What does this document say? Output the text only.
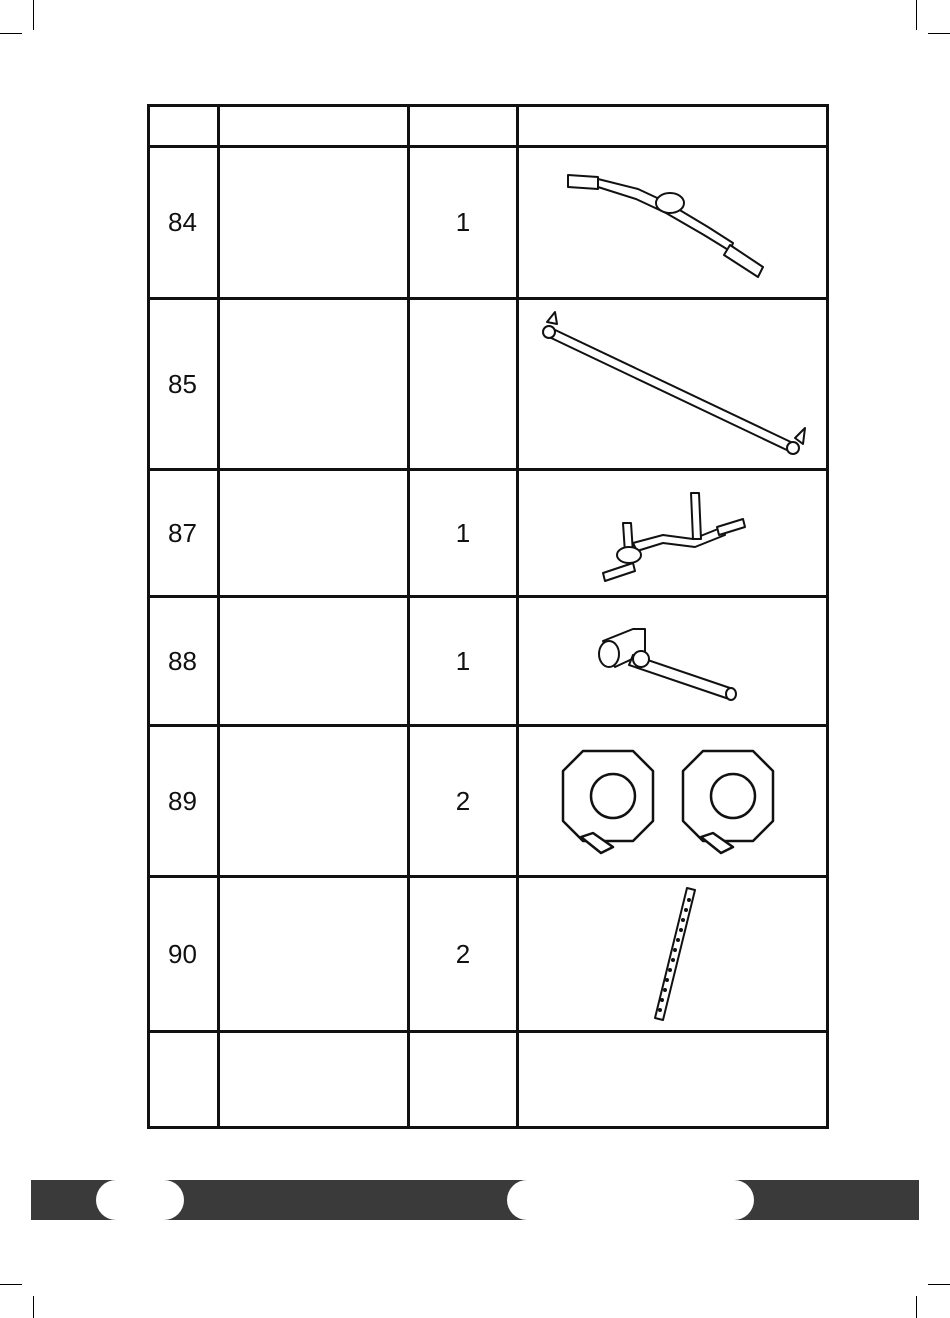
84		1	

85			

87		1	

88		1	

89		2	

90		2	
